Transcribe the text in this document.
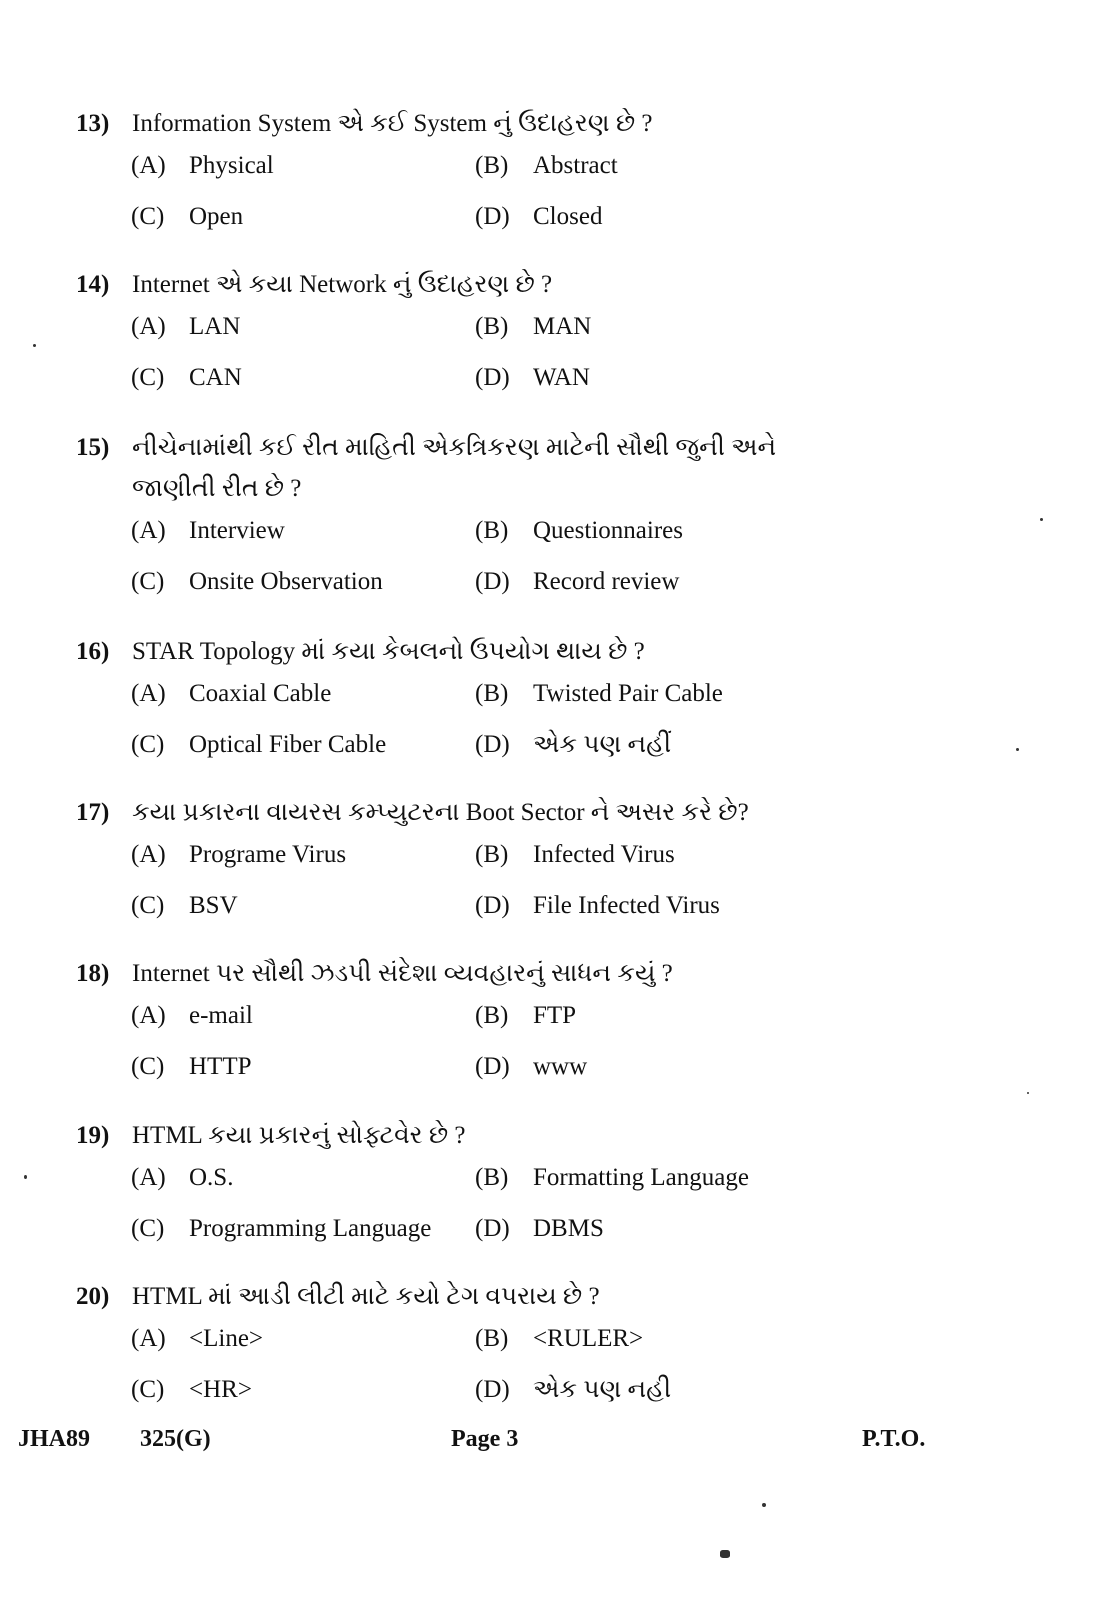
13) Information System એ કઈ System નું ઉદાહરણ છે ?
(A) Physical	(B) Abstract
(C) Open	(D) Closed
14) Internet એ કયા Network નું ઉદાહરણ છે ?
(A) LAN	(B) MAN
(C) CAN	(D) WAN
15) નીચેનામાંથી કઈ રીત માહિતી એકત્રિકરણ માટેની સૌથી જુની અને જાણીતી રીત છે ?
(A) Interview	(B) Questionnaires
(C) Onsite Observation	(D) Record review
16) STAR Topology માં કયા કેબલનો ઉપયોગ થાય છે ?
(A) Coaxial Cable	(B) Twisted Pair Cable
(C) Optical Fiber Cable	(D) એક પણ નહીં
17) કયા પ્રકારના વાયરસ કમ્પ્યુટરના Boot Sector ને અસર કરે છે?
(A) Programe Virus	(B) Infected Virus
(C) BSV	(D) File Infected Virus
18) Internet પર સૌથી ઝડપી સંદેશા વ્યવહારનું સાધન કયું ?
(A) e-mail	(B) FTP
(C) HTTP	(D) www
19) HTML કયા પ્રકારનું સોફ્ટવેર છે ?
(A) O.S.	(B) Formatting Language
(C) Programming Language (D) DBMS
20) HTML માં આડી લીટી માટે કયો ટેગ વપરાય છે ?
(A) <Line>	(B) <RULER>
(C) <HR>	(D) એક પણ નહી
JHA89 325(G)	Page 3	P.T.O.
